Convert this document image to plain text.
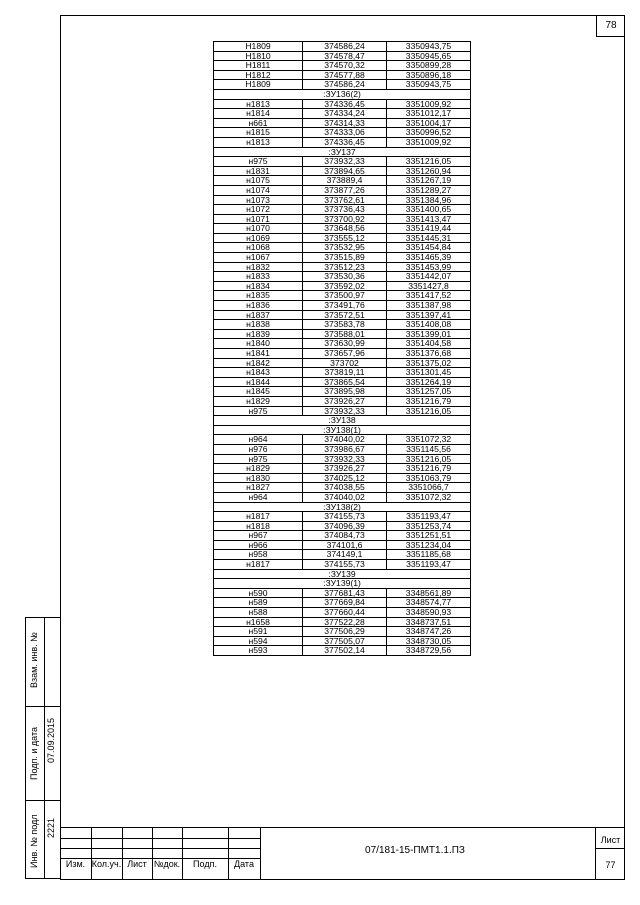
78
H1809	374586,24	3350943,75
H1810	374578,47	3350945,65
H1811	374570,32	3350899,28
H1812	374577,88	3350896,18
H1809	374586,24	3350943,75
:ЗУ136(2)		
н1813	374336,45	3351009,92
н1814	374334,24	3351012,17
н661	374314,33	3351004,17
н1815	374333,06	3350996,52
н1813	374336,45	3351009,92
:ЗУ137		
н975	373932,33	3351216,05
н1831	373894,65	3351260,94
н1075	373889,4	3351267,19
н1074	373877,26	3351289,27
н1073	373762,61	3351384,96
н1072	373736,43	3351400,65
н1071	373700,92	3351413,47
н1070	373648,56	3351419,44
н1069	373555,12	3351445,31
н1068	373532,95	3351454,84
н1067	373515,89	3351465,39
н1832	373512,23	3351453,99
н1833	373530,36	3351442,07
н1834	373592,02	3351427,8
н1835	373500,97	3351417,52
н1836	373491,76	3351387,98
н1837	373572,51	3351397,41
н1838	373583,78	3351408,08
н1839	373588,01	3351399,01
н1840	373630,99	3351404,58
н1841	373657,96	3351376,68
н1842	373702	3351375,02
н1843	373819,11	3351301,45
н1844	373865,54	3351264,19
н1845	373895,98	3351257,05
н1829	373926,27	3351216,79
н975	373932,33	3351216,05
:ЗУ138		
:ЗУ138(1)		
н964	374040,02	3351072,32
н976	373986,67	3351145,56
н975	373932,33	3351216,05
н1829	373926,27	3351216,79
н1830	374025,12	3351063,79
н1827	374038,55	3351066,7
н964	374040,02	3351072,32
:ЗУ138(2)		
н1817	374155,73	3351193,47
н1818	374096,39	3351253,74
н967	374084,73	3351251,51
н966	374101,6	3351234,04
н958	374149,1	3351185,68
н1817	374155,73	3351193,47
:ЗУ139		
:ЗУ139(1)		
н590	377681,43	3348561,89
н589	377669,84	3348574,77
н588	377660,44	3348590,93
н1658	377522,28	3348737,51
н591	377506,29	3348747,26
н594	377505,07	3348730,05
н593	377502,14	3348729,56
Взам. инв. №
Подп. и дата 07.09.2015
Инв. № подл 2221
Изм. Кол.уч. Лист №док.	Подп.	Дата
07/181-15-ПМТ1.1.ПЗ
Лист
77
